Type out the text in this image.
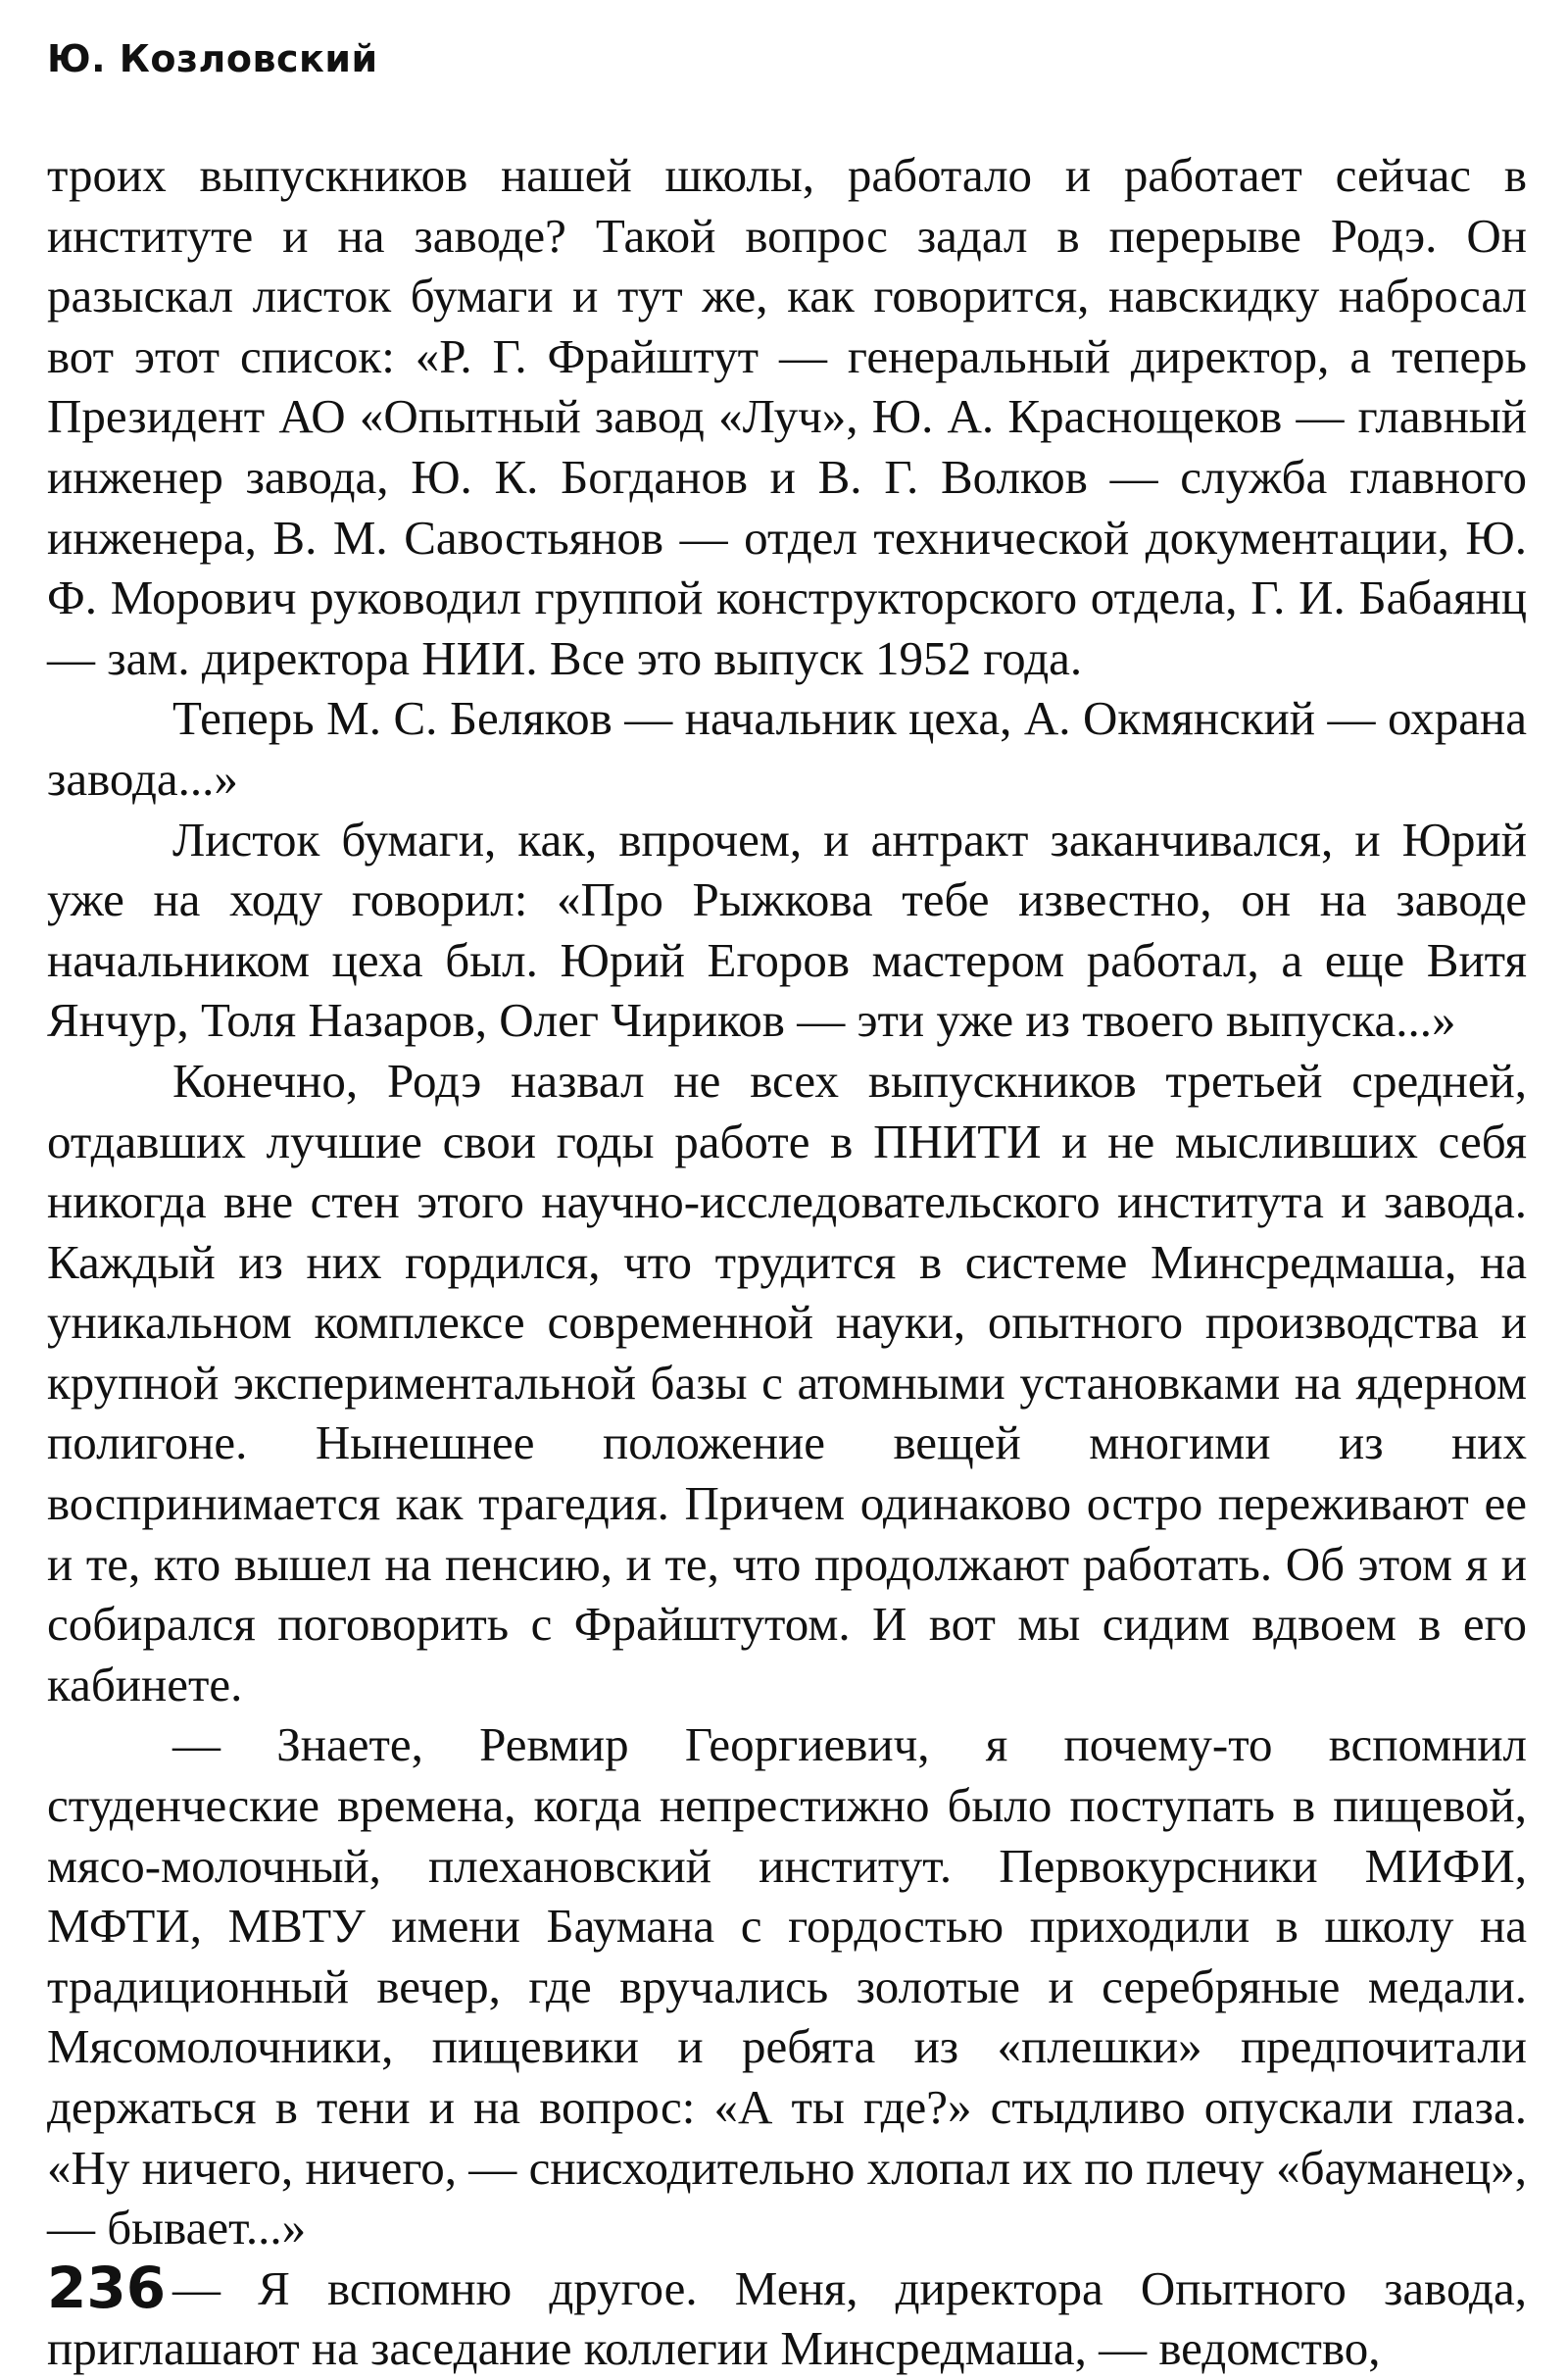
Ю. Козловский

троих выпускников нашей школы, работало и работает сейчас в институте и на заводе? Такой вопрос задал в перерыве Родэ. Он разыскал листок бумаги и тут же, как говорится, навскидку набросал вот этот список: «Р. Г. Фрайштут — генеральный директор, а теперь Президент АО «Опытный завод «Луч», Ю. А. Краснощеков — главный инженер завода, Ю. К. Богданов и В. Г. Волков — служба главного инженера, В. М. Савостьянов — отдел технической документации, Ю. Ф. Морович руководил группой конструкторского отдела, Г. И. Бабаянц — зам. директора НИИ. Все это выпуск 1952 года.

Теперь М. С. Беляков — начальник цеха, А. Окмянский — охрана завода...»

Листок бумаги, как, впрочем, и антракт заканчивался, и Юрий уже на ходу говорил: «Про Рыжкова тебе известно, он на заводе начальником цеха был. Юрий Егоров мастером работал, а еще Витя Янчур, Толя Назаров, Олег Чириков — эти уже из твоего выпуска...»

Конечно, Родэ назвал не всех выпускников третьей средней, отдавших лучшие свои годы работе в ПНИТИ и не мысливших себя никогда вне стен этого научно-исследовательского института и завода. Каждый из них гордился, что трудится в системе Минсредмаша, на уникальном комплексе современной науки, опытного производства и крупной экспериментальной базы с атомными установками на ядерном полигоне. Нынешнее положение вещей многими из них воспринимается как трагедия. Причем одинаково остро переживают ее и те, кто вышел на пенсию, и те, что продолжают работать. Об этом я и собирался поговорить с Фрайштутом. И вот мы сидим вдвоем в его кабинете.

— Знаете, Ревмир Георгиевич, я почему-то вспомнил студенческие времена, когда непрестижно было поступать в пищевой, мясо-молочный, плехановский институт. Первокурсники МИФИ, МФТИ, МВТУ имени Баумана с гордостью приходили в школу на традиционный вечер, где вручались золотые и серебряные медали. Мясомолочники, пищевики и ребята из «плешки» предпочитали держаться в тени и на вопрос: «А ты где?» стыдливо опускали глаза. «Ну ничего, ничего, — снисходительно хлопал их по плечу «бауманец», — бывает...»

— Я вспомню другое. Меня, директора Опытного завода, приглашают на заседание коллегии Минсредмаша, — ведомство,

236
